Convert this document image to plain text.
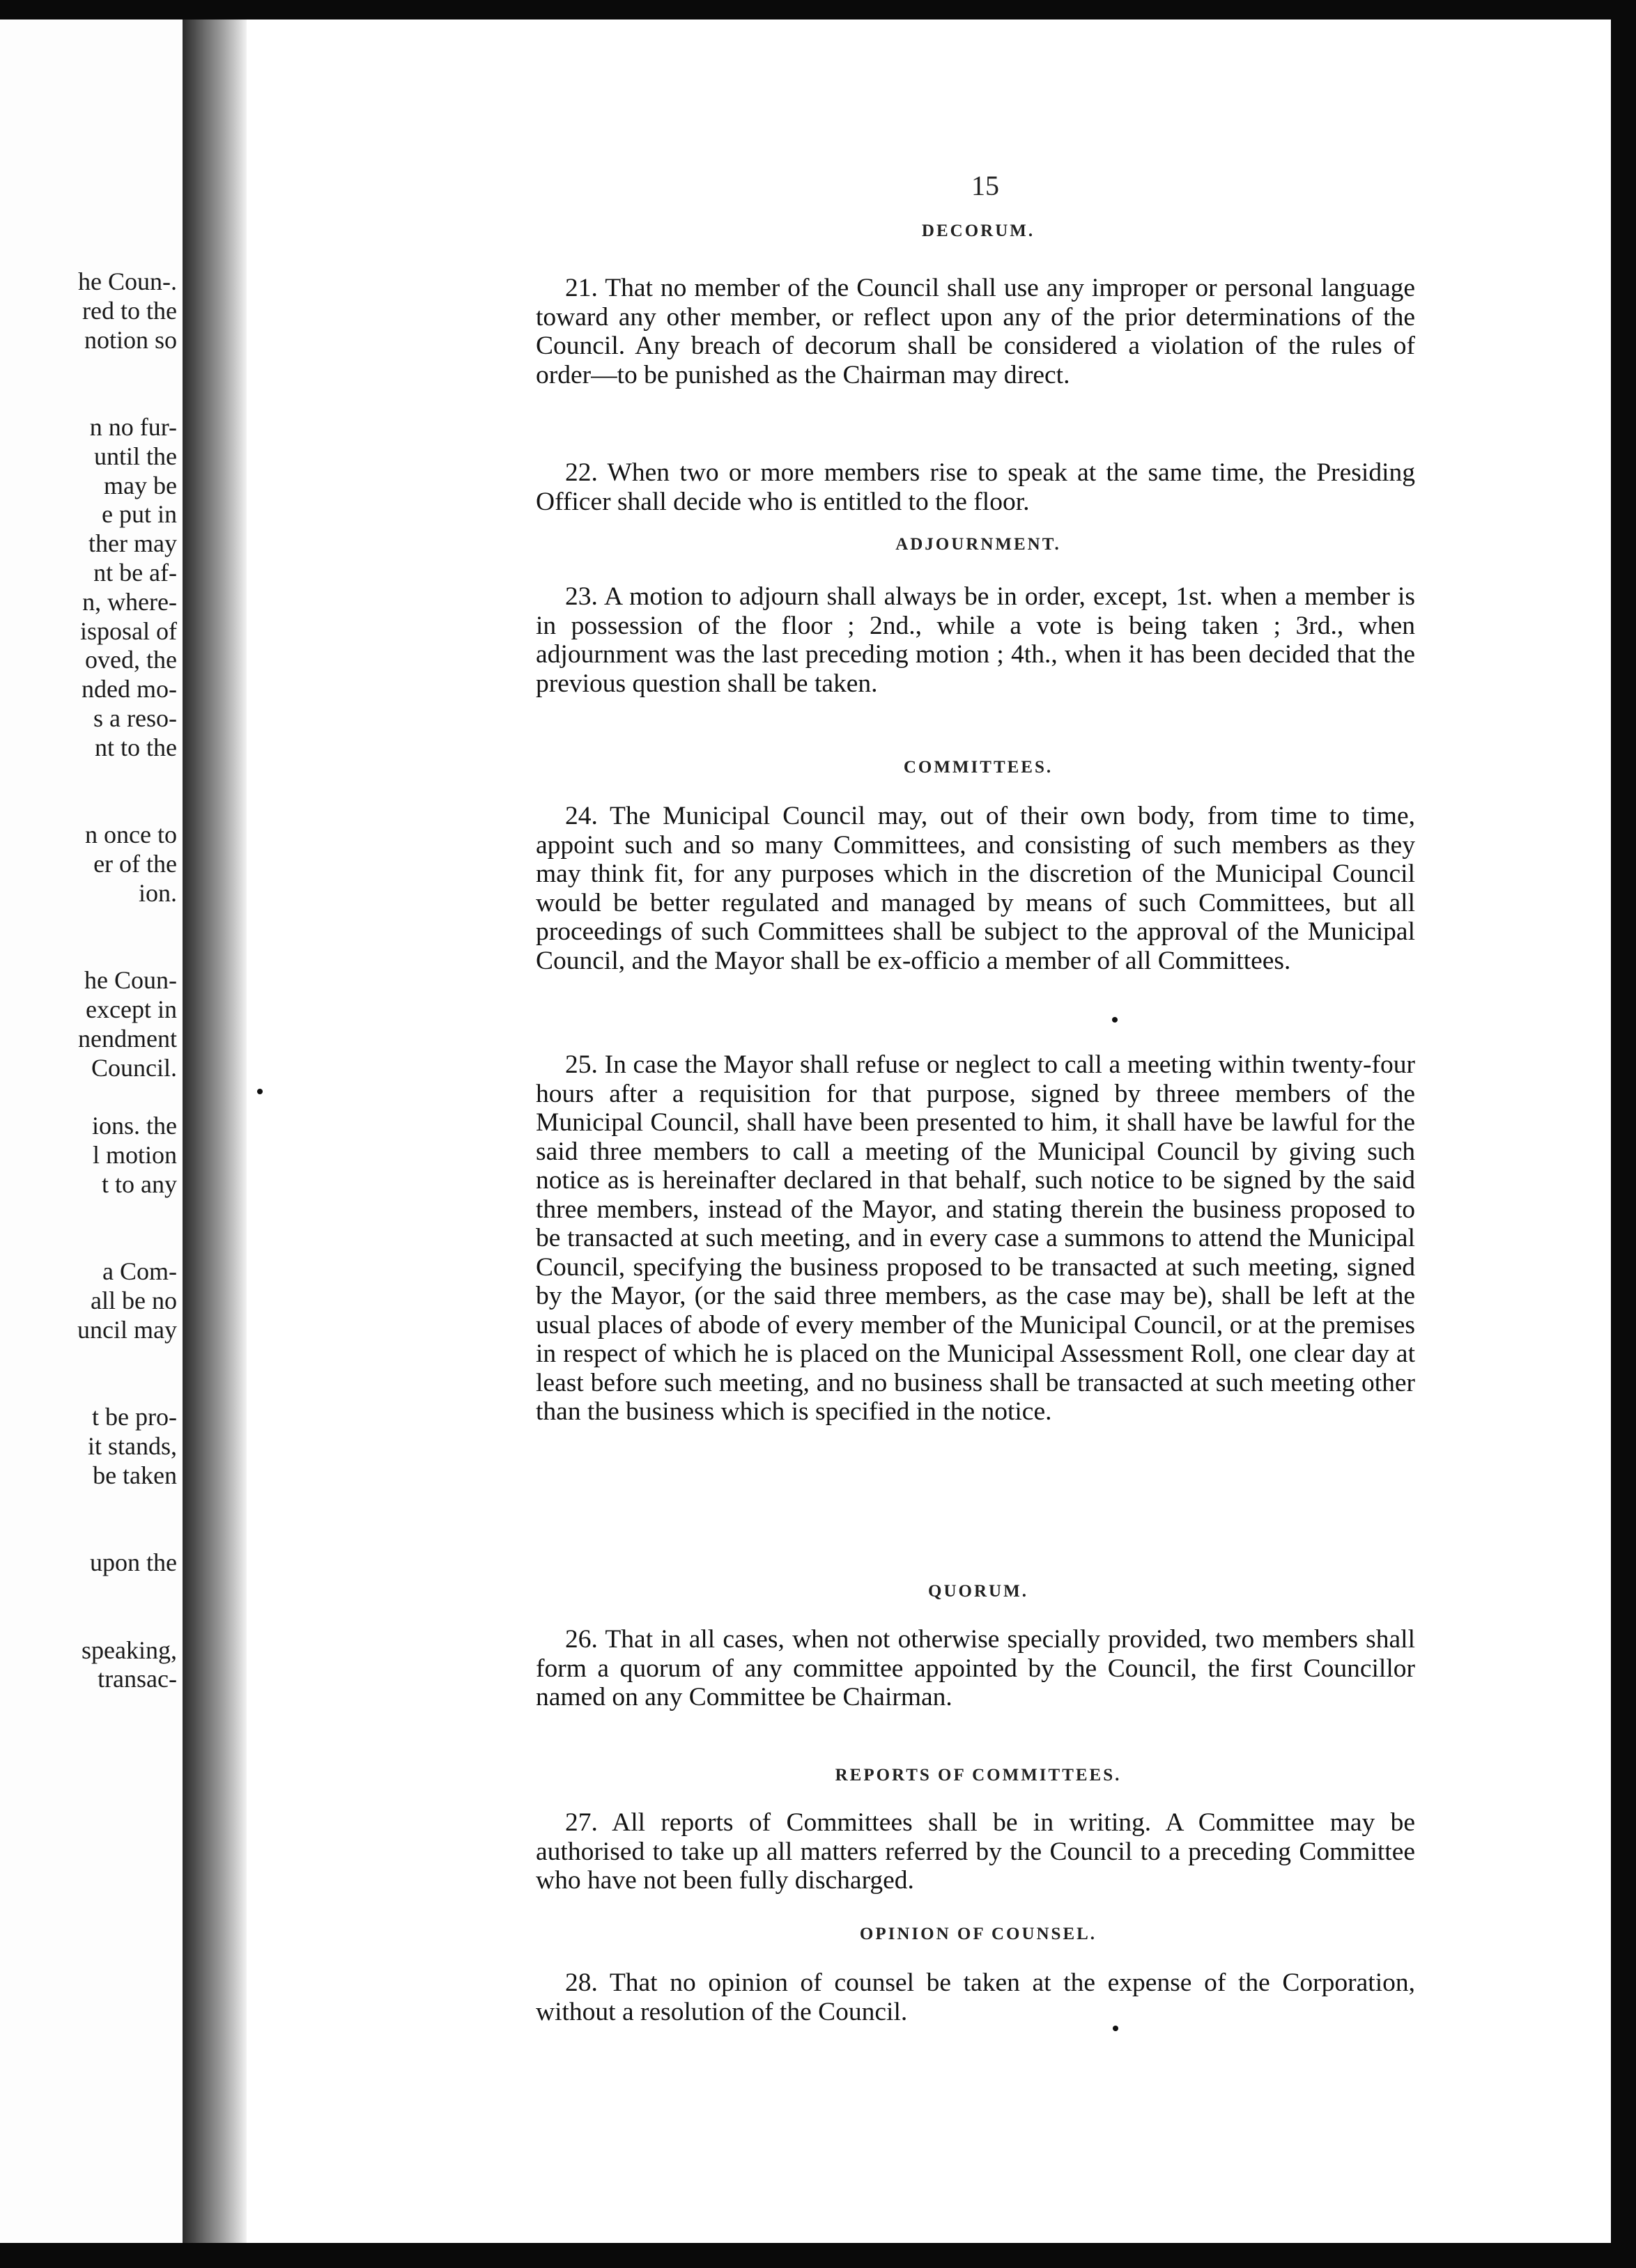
he Coun-.
red to the
notion so
n no fur-
until the
may be
e put in
ther may
nt be af-
n, where-
isposal of
oved, the
nded mo-
s a reso-
nt to the
n once to
er of the
ion.
he Coun-
except in
nendment
Council.
ions. the
l motion
t to any
a Com-
all be no
uncil may
t be pro-
it stands,
be taken
upon the
speaking,
transac-
15
DECORUM.

21. That no member of the Council shall use any improper or personal language toward any other member, or reflect upon any of the prior determinations of the Council. Any breach of decorum shall be considered a violation of the rules of order—to be punished as the Chairman may direct.

22. When two or more members rise to speak at the same time, the Presiding Officer shall decide who is entitled to the floor.

ADJOURNMENT.

23. A motion to adjourn shall always be in order, except, 1st. when a member is in possession of the floor ; 2nd., while a vote is being taken ; 3rd., when adjournment was the last preceding motion ; 4th., when it has been decided that the previous question shall be taken.

COMMITTEES.

24. The Municipal Council may, out of their own body, from time to time, appoint such and so many Committees, and consisting of such members as they may think fit, for any purposes which in the discretion of the Municipal Council would be better regulated and managed by means of such Committees, but all proceedings of such Committees shall be subject to the approval of the Municipal Council, and the Mayor shall be ex-officio a member of all Committees.

25. In case the Mayor shall refuse or neglect to call a meeting within twenty-four hours after a requisition for that purpose, signed by threee members of the Municipal Council, shall have been presented to him, it shall have be lawful for the said three members to call a meeting of the Municipal Council by giving such notice as is hereinafter declared in that behalf, such notice to be signed by the said three members, instead of the Mayor, and stating therein the business proposed to be transacted at such meeting, and in every case a summons to attend the Municipal Council, specifying the business proposed to be transacted at such meeting, signed by the Mayor, (or the said three members, as the case may be), shall be left at the usual places of abode of every member of the Municipal Council, or at the premises in respect of which he is placed on the Municipal Assessment Roll, one clear day at least before such meeting, and no business shall be transacted at such meeting other than the business which is specified in the notice.

QUORUM.

26. That in all cases, when not otherwise specially provided, two members shall form a quorum of any committee appointed by the Council, the first Councillor named on any Committee be Chairman.

REPORTS OF COMMITTEES.

27. All reports of Committees shall be in writing. A Committee may be authorised to take up all matters referred by the Council to a preceding Committee who have not been fully discharged.

OPINION OF COUNSEL.

28. That no opinion of counsel be taken at the expense of the Corporation, without a resolution of the Council.
